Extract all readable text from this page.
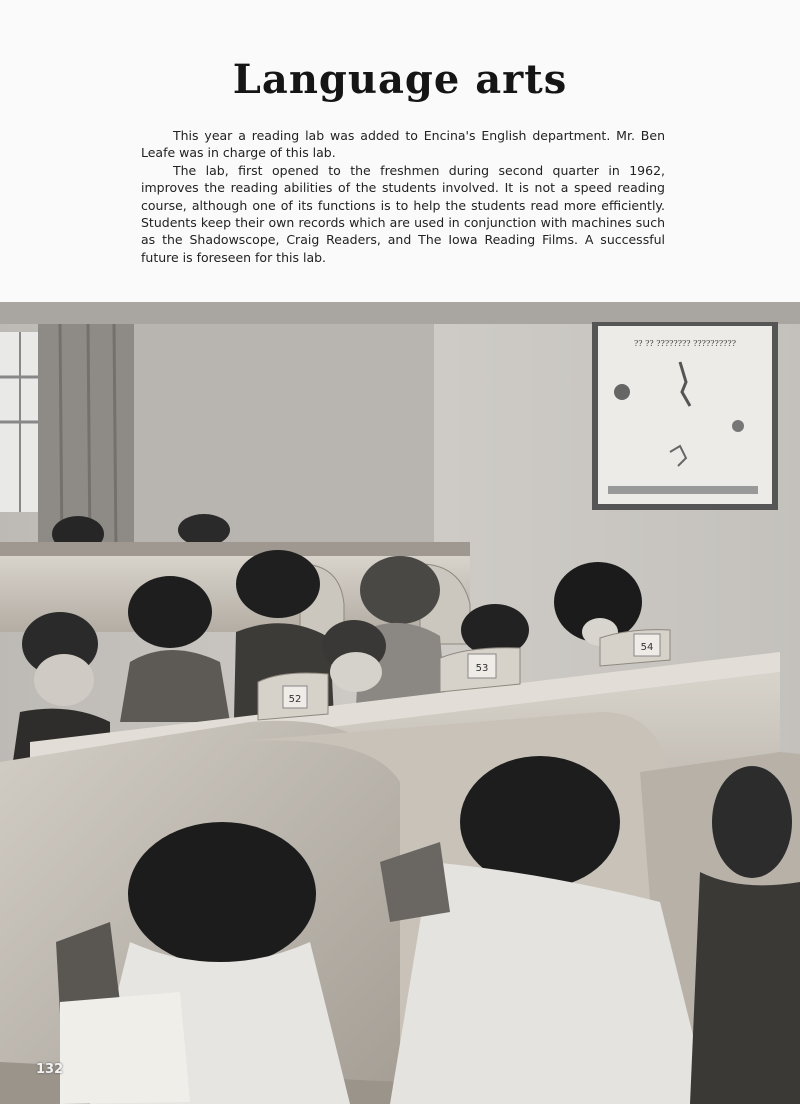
Language arts

This year a reading lab was added to Encina's English department. Mr. Ben Leafe was in charge of this lab.

The lab, first opened to the freshmen during second quarter in 1962, improves the reading abilities of the students involved. It is not a speed reading course, although one of its functions is to help the students read more efficiently. Students keep their own records which are used in conjunction with machines such as the Shadowscope, Craig Readers, and The Iowa Reading Films. A successful future is foreseen for this lab.

?? ?? ???????? ??????????
52
53
54
132
